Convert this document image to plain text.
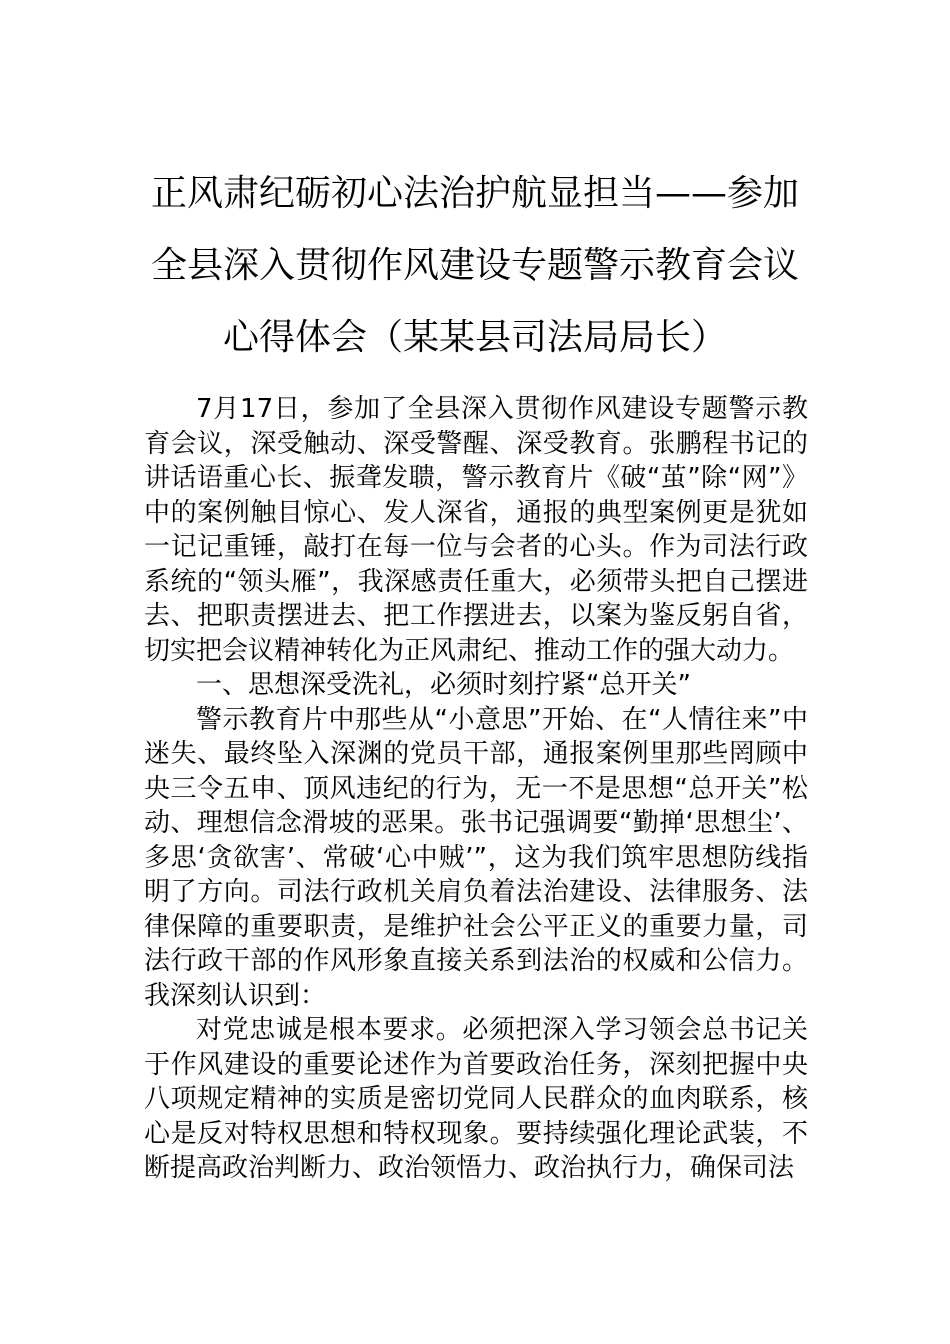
正风肃纪砺初心法治护航显担当——参加
全县深入贯彻作风建设专题警示教育会议
心得体会（某某县司法局局长）

7月17日，参加了全县深入贯彻作风建设专题警示教育会议，深受触动、深受警醒、深受教育。张鹏程书记的讲话语重心长、振聋发聩，警示教育片《破“茧”除“网”》中的案例触目惊心、发人深省，通报的典型案例更是犹如一记记重锤，敲打在每一位与会者的心头。作为司法行政系统的“领头雁”，我深感责任重大，必须带头把自己摆进去、把职责摆进去、把工作摆进去，以案为鉴反躬自省，切实把会议精神转化为正风肃纪、推动工作的强大动力。

一、思想深受洗礼，必须时刻拧紧“总开关”

警示教育片中那些从“小意思”开始、在“人情往来”中迷失、最终坠入深渊的党员干部，通报案例里那些罔顾中央三令五申、顶风违纪的行为，无一不是思想“总开关”松动、理想信念滑坡的恶果。张书记强调要“勤掸‘思想尘’、多思‘贪欲害’、常破‘心中贼’”，这为我们筑牢思想防线指明了方向。司法行政机关肩负着法治建设、法律服务、法律保障的重要职责，是维护社会公平正义的重要力量，司法行政干部的作风形象直接关系到法治的权威和公信力。我深刻认识到：

对党忠诚是根本要求。必须把深入学习领会总书记关于作风建设的重要论述作为首要政治任务，深刻把握中央八项规定精神的实质是密切党同人民群众的血肉联系，核心是反对特权思想和特权现象。要持续强化理论武装，不断提高政治判断力、政治领悟力、政治执行力，确保司法
